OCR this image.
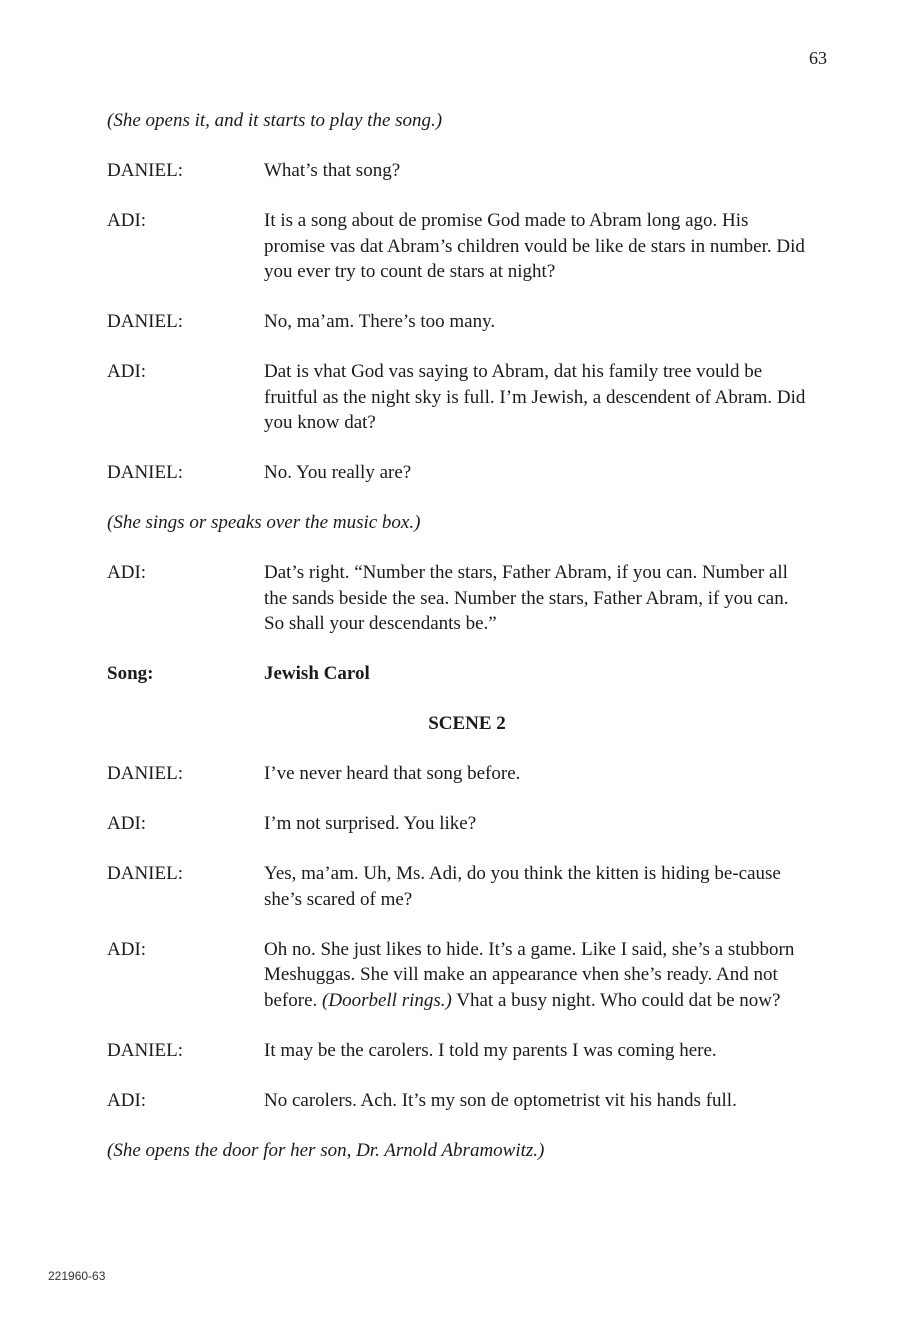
63

(She opens it, and it starts to play the song.)

DANIEL:	What’s that song?
ADI:	It is a song about de promise God made to Abram long ago. His promise vas dat Abram’s children vould be like de stars in number. Did you ever try to count de stars at night?
DANIEL:	No, ma’am. There’s too many.
ADI:	Dat is vhat God vas saying to Abram, dat his family tree vould be fruitful as the night sky is full. I’m Jewish, a descendent of Abram. Did you know dat?
DANIEL:	No. You really are?

(She sings or speaks over the music box.)

ADI:	Dat’s right. “Number the stars, Father Abram, if you can. Number all the sands beside the sea. Number the stars, Father Abram, if you can. So shall your descendants be.”
Song:	Jewish Carol
SCENE 2
DANIEL:	I’ve never heard that song before.
ADI:	I’m not surprised. You like?
DANIEL:	Yes, ma’am. Uh, Ms. Adi, do you think the kitten is hiding be-cause she’s scared of me?
ADI:	Oh no. She just likes to hide. It’s a game. Like I said, she’s a stubborn Meshuggas. She vill make an appearance vhen she’s ready. And not before. (Doorbell rings.) Vhat a busy night. Who could dat be now?
DANIEL:	It may be the carolers. I told my parents I was coming here.
ADI:	No carolers. Ach. It’s my son de optometrist vit his hands full.

(She opens the door for her son, Dr. Arnold Abramowitz.)

221960-63
